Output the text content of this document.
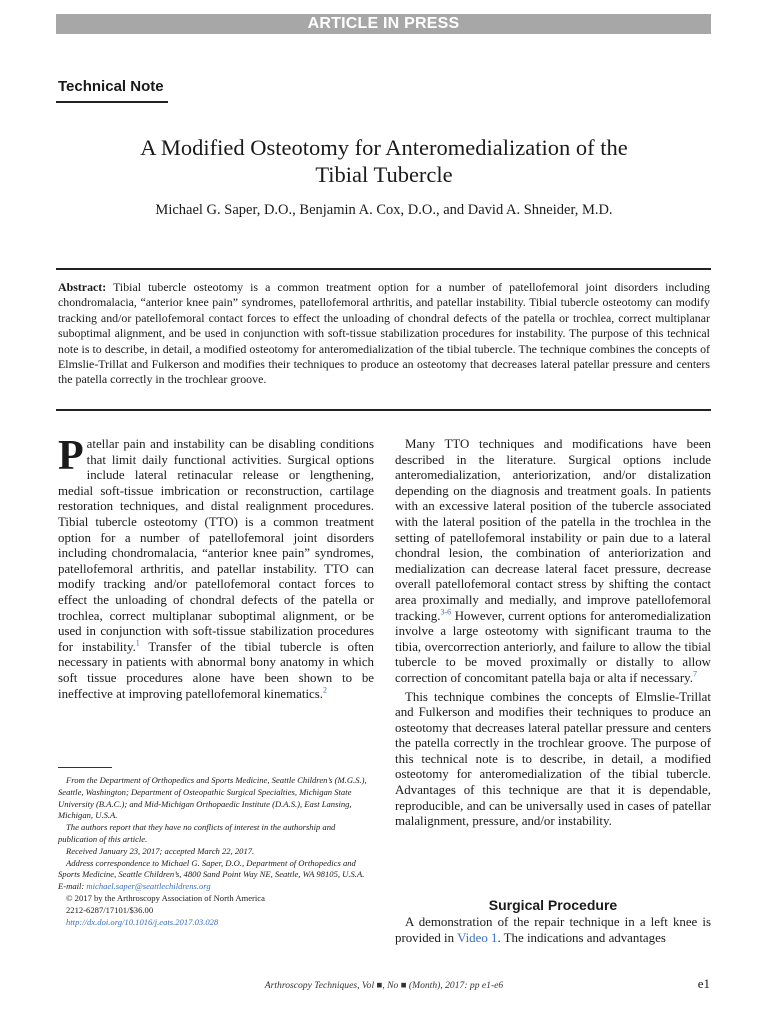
ARTICLE IN PRESS
Technical Note
A Modified Osteotomy for Anteromedialization of the
Tibial Tubercle
Michael G. Saper, D.O., Benjamin A. Cox, D.O., and David A. Shneider, M.D.
Abstract: Tibial tubercle osteotomy is a common treatment option for a number of patellofemoral joint disorders including chondromalacia, “anterior knee pain” syndromes, patellofemoral arthritis, and patellar instability. Tibial tubercle osteotomy can modify tracking and/or patellofemoral contact forces to effect the unloading of chondral defects of the patella or trochlea, correct multiplanar suboptimal alignment, and be used in conjunction with soft-tissue stabilization procedures for instability. The purpose of this technical note is to describe, in detail, a modified osteotomy for anteromedialization of the tibial tubercle. The technique combines the concepts of Elmslie-Trillat and Fulkerson and modifies their techniques to produce an osteotomy that decreases lateral patellar pressure and centers the patella correctly in the trochlear groove.

Patellar pain and instability can be disabling conditions that limit daily functional activities. Surgical options include lateral retinacular release or lengthening, medial soft-tissue imbrication or reconstruction, cartilage restoration techniques, and distal realignment procedures. Tibial tubercle osteotomy (TTO) is a common treatment option for a number of patellofemoral joint disorders including chondromalacia, “anterior knee pain” syndromes, patellofemoral arthritis, and patellar instability. TTO can modify tracking and/or patellofemoral contact forces to effect the unloading of chondral defects of the patella or trochlea, correct multiplanar suboptimal alignment, or be used in conjunction with soft-tissue stabilization procedures for instability.$^1$ Transfer of the tibial tubercle is often necessary in patients with abnormal bony anatomy in which soft tissue procedures alone have been shown to be ineffective at improving patellofemoral kinematics.$^2$

Many TTO techniques and modifications have been described in the literature. Surgical options include anteromedialization, anteriorization, and/or distalization depending on the diagnosis and treatment goals. In patients with an excessive lateral position of the tubercle associated with the lateral position of the patella in the trochlea in the setting of patellofemoral instability or pain due to a lateral chondral lesion, the combination of anteriorization and medialization can decrease lateral facet pressure, decrease overall patellofemoral contact stress by shifting the contact area proximally and medially, and improve patellofemoral tracking.$^{3-6}$ However, current options for anteromedialization involve a large osteotomy with significant trauma to the tibia, overcorrection anteriorly, and failure to allow the tibial tubercle to be moved proximally or distally to allow correction of concomitant patella baja or alta if necessary.$^7$

This technique combines the concepts of Elmslie-Trillat and Fulkerson and modifies their techniques to produce an osteotomy that decreases lateral patellar pressure and centers the patella correctly in the trochlear groove. The purpose of this technical note is to describe, in detail, a modified osteotomy for anteromedialization of the tibial tubercle. Advantages of this technique are that it is dependable, reproducible, and can be universally used in cases of patellar malalignment, pressure, and/or instability.

From the Department of Orthopedics and Sports Medicine, Seattle Children’s (M.G.S.), Seattle, Washington; Department of Osteopathic Surgical Specialties, Michigan State University (B.A.C.); and Mid-Michigan Orthopaedic Institute (D.A.S.), East Lansing, Michigan, U.S.A.

The authors report that they have no conflicts of interest in the authorship and publication of this article.

Received January 23, 2017; accepted March 22, 2017.

Address correspondence to Michael G. Saper, D.O., Department of Orthopedics and Sports Medicine, Seattle Children’s, 4800 Sand Point Way NE, Seattle, WA 98105, U.S.A. E-mail: michael.saper@seattlechildrens.org

© 2017 by the Arthroscopy Association of North America

2212-6287/17101/$36.00

http://dx.doi.org/10.1016/j.eats.2017.03.028

Surgical Procedure
A demonstration of the repair technique in a left knee is provided in Video 1. The indications and advantages
Arthroscopy Techniques, Vol ■, No ■ (Month), 2017: pp e1-e6	e1
